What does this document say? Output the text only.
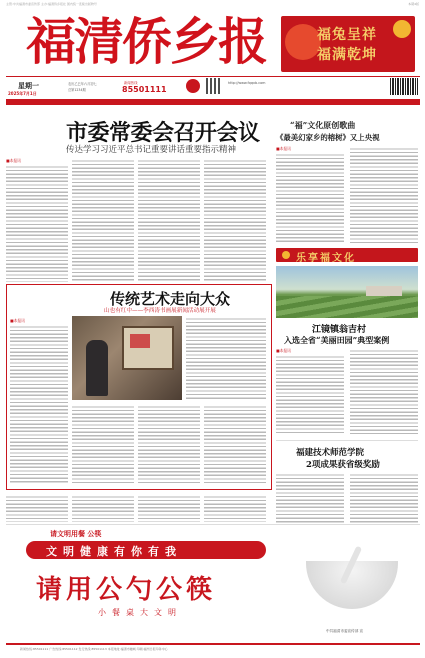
主管:中共福清市委宣传部 主办:福清侨乡报社 国内统一连续出版物号	本期4版
福清侨乡报	福兔呈祥
福满乾坤
星期一
2025年7月1日
农历乙巳年六月初七
总第1234期
新闻热线
85501111
http://www.fqqxb.com
市委常委会召开会议
传达学习习近平总书记重要讲话重要指示精神
■本报讯
“福”文化原创歌曲
《最美幻家乡的榕树》又上央视
■本报讯
乐享福文化
传统艺术走向大众
山也有红中——李西涛书画展新闻活动展开展
■本报讯
江镜镇翁吉村
入选全省“美丽田园”典型案例
■本报讯
福建技术师范学院
2项成果获省级奖励
请文明用餐 公筷
文明健康有你有我
请用公勺公筷
小餐桌大文明
中共福清市委宣传部 宣
新闻热线:85501111 广告热线:85501112 发行热线:85501113 本报地址:福清市融城 印刷:福州日报印务中心
